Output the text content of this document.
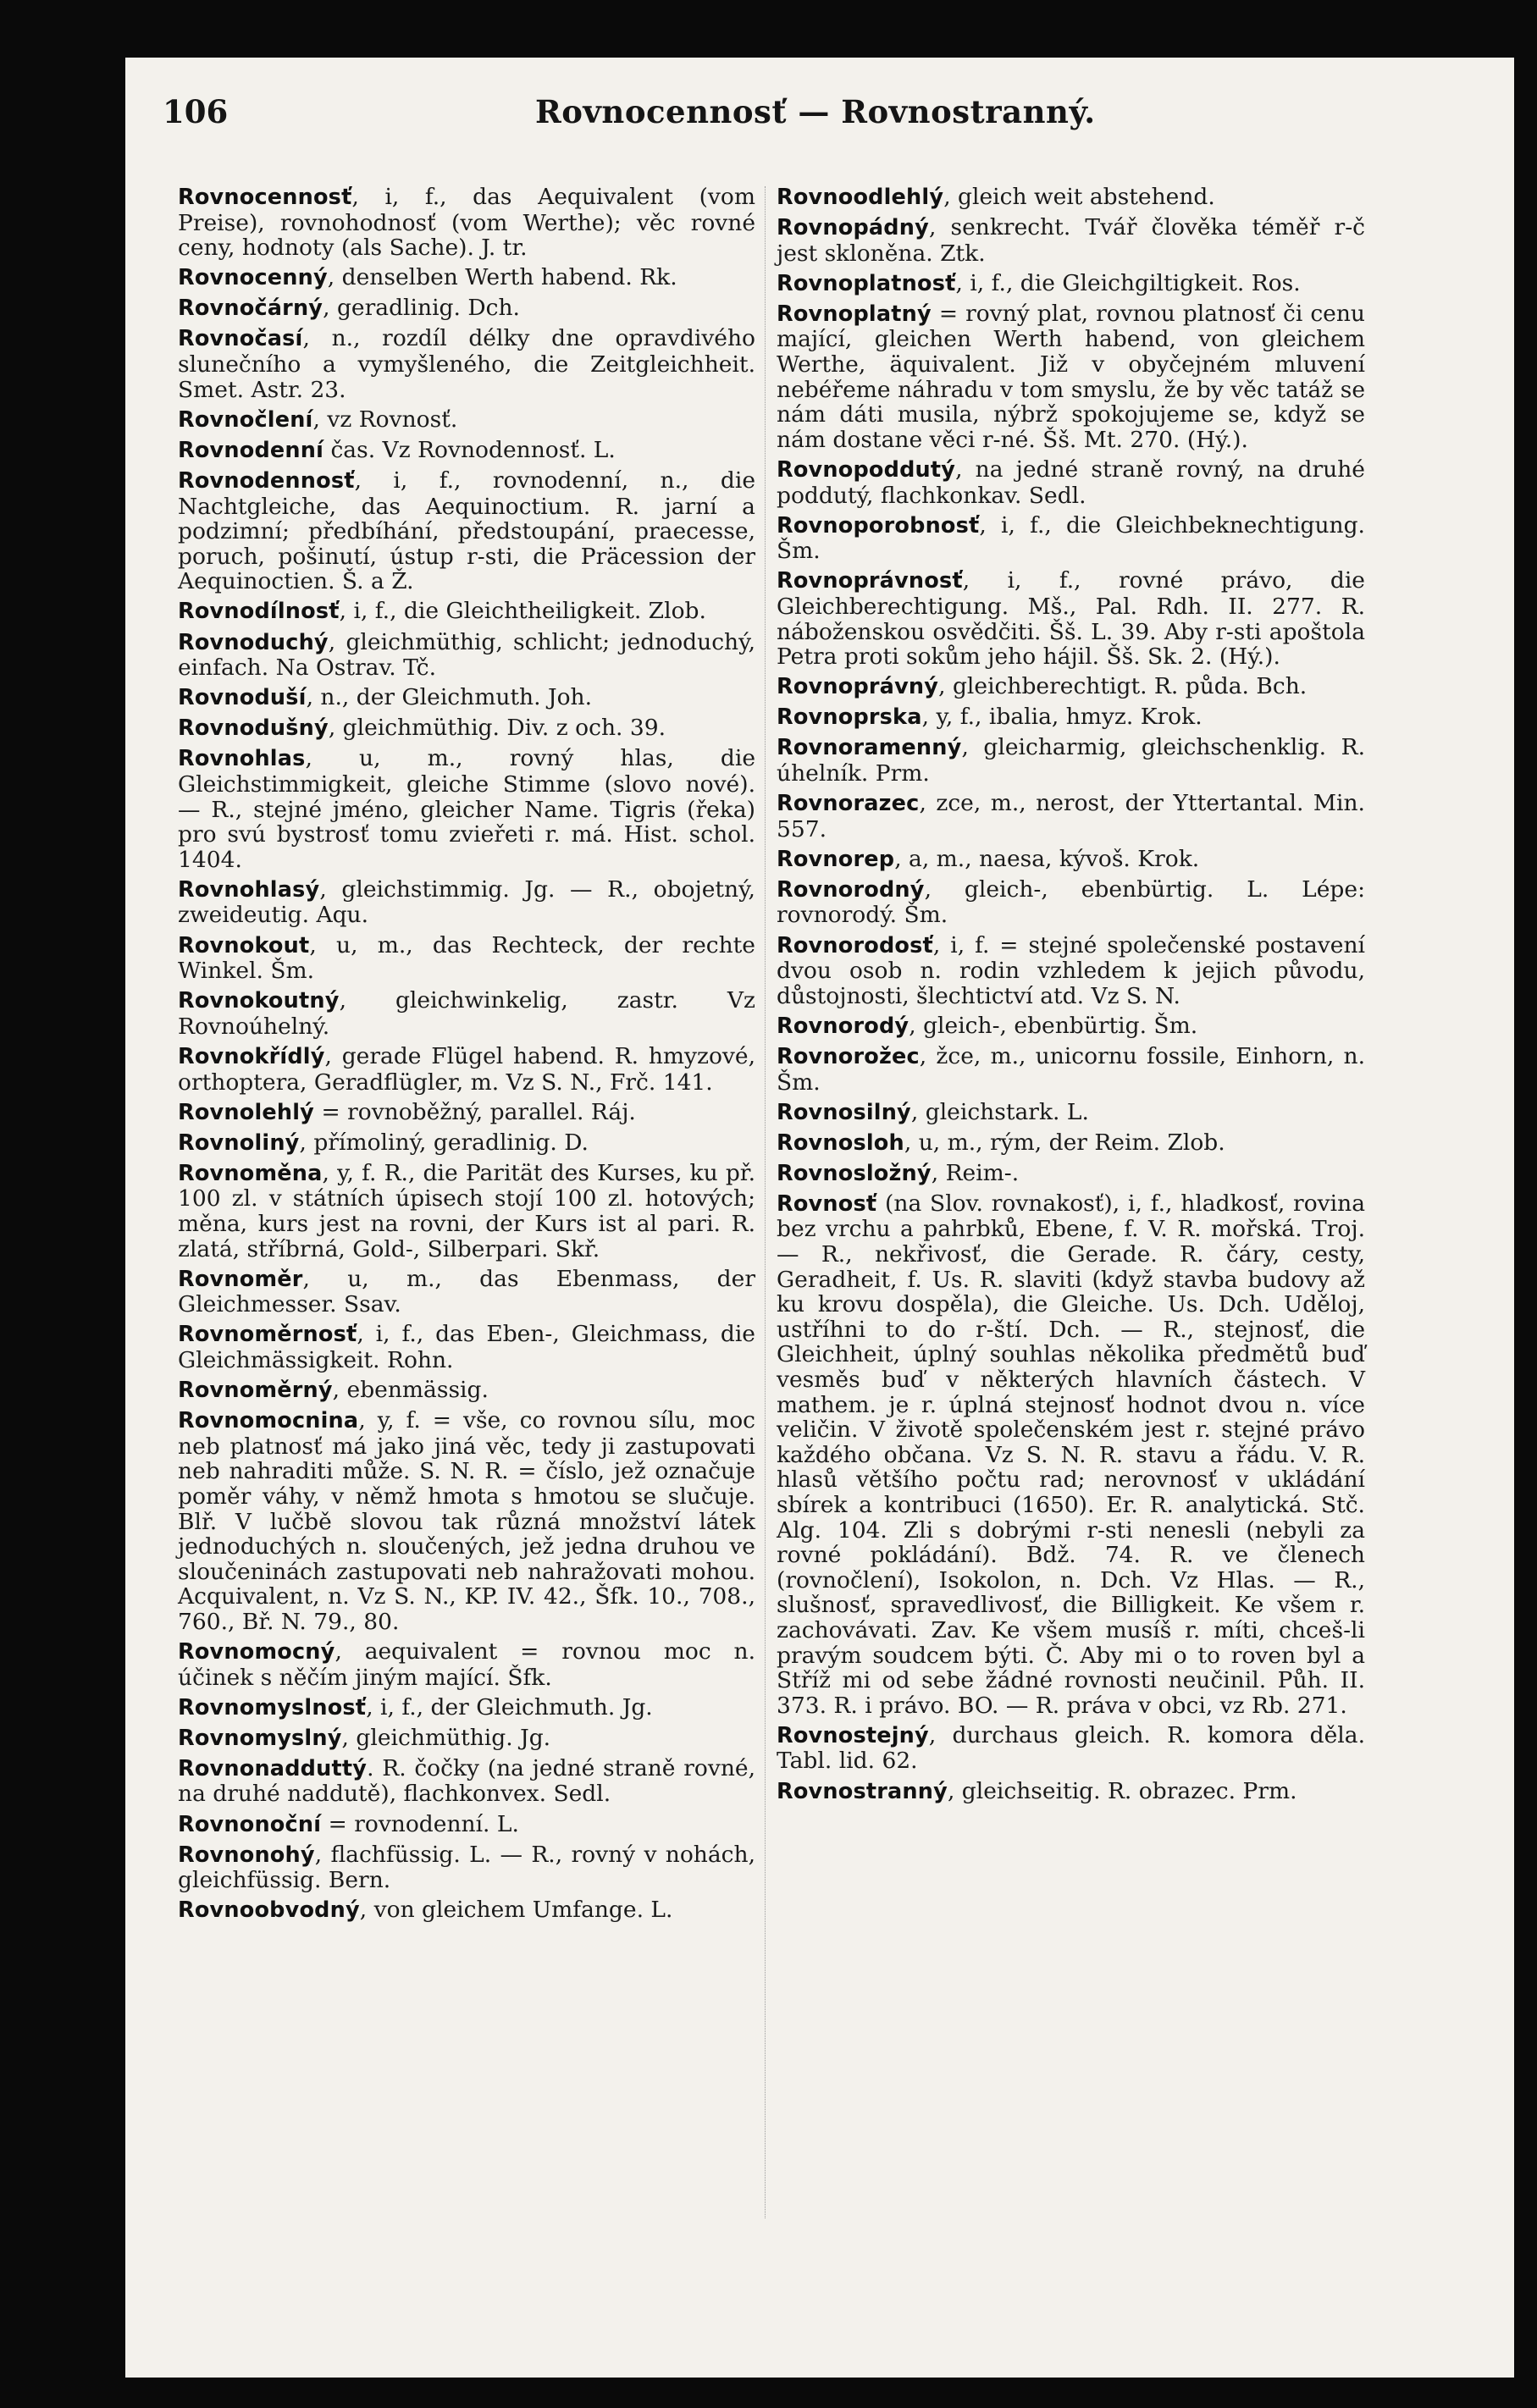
106	Rovnocennosť — Rovnostranný.

Rovnocennosť, i, f., das Aequivalent (vom Preise), rovnohodnosť (vom Werthe); věc rovné ceny, hodnoty (als Sache). J. tr.

Rovnocenný, denselben Werth habend. Rk.

Rovnočárný, geradlinig. Dch.

Rovnočasí, n., rozdíl délky dne opravdivého slunečního a vymyšleného, die Zeitgleichheit. Smet. Astr. 23.

Rovnočlení, vz Rovnosť.

Rovnodenní čas. Vz Rovnodennosť. L.

Rovnodennosť, i, f., rovnodenní, n., die Nachtgleiche, das Aequinoctium. R. jarní a podzimní; předbíhání, předstoupání, praecesse, poruch, pošinutí, ústup r-sti, die Präcession der Aequinoctien. Š. a Ž.

Rovnodílnosť, i, f., die Gleichtheiligkeit. Zlob.

Rovnoduchý, gleichmüthig, schlicht; jednoduchý, einfach. Na Ostrav. Tč.

Rovnoduší, n., der Gleichmuth. Joh.

Rovnodušný, gleichmüthig. Div. z och. 39.

Rovnohlas, u, m., rovný hlas, die Gleichstimmigkeit, gleiche Stimme (slovo nové). — R., stejné jméno, gleicher Name. Tigris (řeka) pro svú bystrosť tomu zvieřeti r. má. Hist. schol. 1404.

Rovnohlasý, gleichstimmig. Jg. — R., obojetný, zweideutig. Aqu.

Rovnokout, u, m., das Rechteck, der rechte Winkel. Šm.

Rovnokoutný, gleichwinkelig, zastr. Vz Rovnoúhelný.

Rovnokřídlý, gerade Flügel habend. R. hmyzové, orthoptera, Geradflügler, m. Vz S. N., Frč. 141.

Rovnolehlý = rovnoběžný, parallel. Ráj.

Rovnoliný, přímoliný, geradlinig. D.

Rovnoměna, y, f. R., die Parität des Kurses, ku př. 100 zl. v státních úpisech stojí 100 zl. hotových; měna, kurs jest na rovni, der Kurs ist al pari. R. zlatá, stříbrná, Gold-, Silberpari. Skř.

Rovnoměr, u, m., das Ebenmass, der Gleichmesser. Ssav.

Rovnoměrnosť, i, f., das Eben-, Gleichmass, die Gleichmässigkeit. Rohn.

Rovnoměrný, ebenmässig.

Rovnomocnina, y, f. = vše, co rovnou sílu, moc neb platnosť má jako jiná věc, tedy ji zastupovati neb nahraditi může. S. N. R. = číslo, jež označuje poměr váhy, v němž hmota s hmotou se slučuje. Blř. V lučbě slovou tak různá množství látek jednoduchých n. sloučených, jež jedna druhou ve sloučeninách zastupovati neb nahražovati mohou. Acquivalent, n. Vz S. N., KP. IV. 42., Šfk. 10., 708., 760., Bř. N. 79., 80.

Rovnomocný, aequivalent = rovnou moc n. účinek s něčím jiným mající. Šfk.

Rovnomyslnosť, i, f., der Gleichmuth. Jg.

Rovnomyslný, gleichmüthig. Jg.

Rovnonadduttý. R. čočky (na jedné straně rovné, na druhé naddutě), flachkonvex. Sedl.

Rovnonoční = rovnodenní. L.

Rovnonohý, flachfüssig. L. — R., rovný v nohách, gleichfüssig. Bern.

Rovnoobvodný, von gleichem Umfange. L.

Rovnoodlehlý, gleich weit abstehend.

Rovnopádný, senkrecht. Tvář člověka téměř r-č jest skloněna. Ztk.

Rovnoplatnosť, i, f., die Gleichgiltigkeit. Ros.

Rovnoplatný = rovný plat, rovnou platnosť či cenu mající, gleichen Werth habend, von gleichem Werthe, äquivalent. Již v obyčejném mluvení nebéřeme náhradu v tom smyslu, že by věc tatáž se nám dáti musila, nýbrž spokojujeme se, když se nám dostane věci r-né. Šš. Mt. 270. (Hý.).

Rovnopoddutý, na jedné straně rovný, na druhé poddutý, flachkonkav. Sedl.

Rovnoporobnosť, i, f., die Gleichbeknechtigung. Šm.

Rovnoprávnosť, i, f., rovné právo, die Gleichberechtigung. Mš., Pal. Rdh. II. 277. R. náboženskou osvědčiti. Šš. L. 39. Aby r-sti apoštola Petra proti sokům jeho hájil. Šš. Sk. 2. (Hý.).

Rovnoprávný, gleichberechtigt. R. půda. Bch.

Rovnoprska, y, f., ibalia, hmyz. Krok.

Rovnoramenný, gleicharmig, gleichschenklig. R. úhelník. Prm.

Rovnorazec, zce, m., nerost, der Yttertantal. Min. 557.

Rovnorep, a, m., naesa, kývoš. Krok.

Rovnorodný, gleich-, ebenbürtig. L. Lépe: rovnorodý. Šm.

Rovnorodosť, i, f. = stejné společenské postavení dvou osob n. rodin vzhledem k jejich původu, důstojnosti, šlechtictví atd. Vz S. N.

Rovnorodý, gleich-, ebenbürtig. Šm.

Rovnorožec, žce, m., unicornu fossile, Einhorn, n. Šm.

Rovnosilný, gleichstark. L.

Rovnosloh, u, m., rým, der Reim. Zlob.

Rovnosložný, Reim-.

Rovnosť (na Slov. rovnakosť), i, f., hladkosť, rovina bez vrchu a pahrbků, Ebene, f. V. R. mořská. Troj. — R., nekřivosť, die Gerade. R. čáry, cesty, Geradheit, f. Us. R. slaviti (když stavba budovy až ku krovu dospěla), die Gleiche. Us. Dch. Uděloj, ustříhni to do r-ští. Dch. — R., stejnosť, die Gleichheit, úplný souhlas několika předmětů buď vesměs buď v některých hlavních částech. V mathem. je r. úplná stejnosť hodnot dvou n. více veličin. V životě společenském jest r. stejné právo každého občana. Vz S. N. R. stavu a řádu. V. R. hlasů většího počtu rad; nerovnosť v ukládání sbírek a kontribuci (1650). Er. R. analytická. Stč. Alg. 104. Zli s dobrými r-sti nenesli (nebyli za rovné pokládání). Bdž. 74. R. ve členech (rovnočlení), Isokolon, n. Dch. Vz Hlas. — R., slušnosť, spravedlivosť, die Billigkeit. Ke všem r. zachovávati. Zav. Ke všem musíš r. míti, chceš-li pravým soudcem býti. Č. Aby mi o to roven byl a Stříž mi od sebe žádné rovnosti neučinil. Půh. II. 373. R. i právo. BO. — R. práva v obci, vz Rb. 271.

Rovnostejný, durchaus gleich. R. komora děla. Tabl. lid. 62.

Rovnostranný, gleichseitig. R. obrazec. Prm.
